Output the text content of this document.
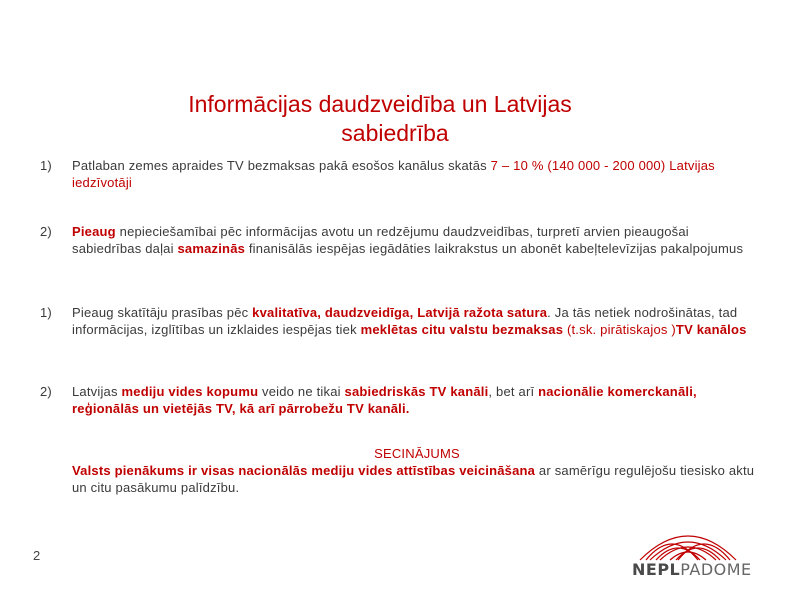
Informācijas daudzveidība un Latvijas
sabiedrība
1)	Patlaban zemes apraides TV bezmaksas pakā esošos kanālus skatās 7 – 10 % (140 000 - 200 000) Latvijas iedzīvotāji
2)	Pieaug nepieciešamībai pēc informācijas avotu un redzējumu daudzveidības, turpretī arvien pieaugošai sabiedrības daļai samazinās finanisālās iespējas iegādāties laikrakstus un abonēt kabeļtelevīzijas pakalpojumus
1)	Pieaug skatītāju prasības pēc kvalitatīva, daudzveidīga, Latvijā ražota satura. Ja tās netiek nodrošinātas, tad informācijas, izglītības un izklaides iespējas tiek meklētas citu valstu bezmaksas (t.sk. pirātiskajos )TV kanālos
2)	Latvijas mediju vides kopumu veido ne tikai sabiedriskās TV kanāli, bet arī nacionālie komerckanāli, reģionālās un vietējās TV, kā arī pārrobežu TV kanāli.
SECINĀJUMS
Valsts pienākums ir visas nacionālās mediju vides attīstības veicināšana ar samērīgu regulējošu tiesisko aktu un citu pasākumu palīdzību.
2
NEPLPADOME
